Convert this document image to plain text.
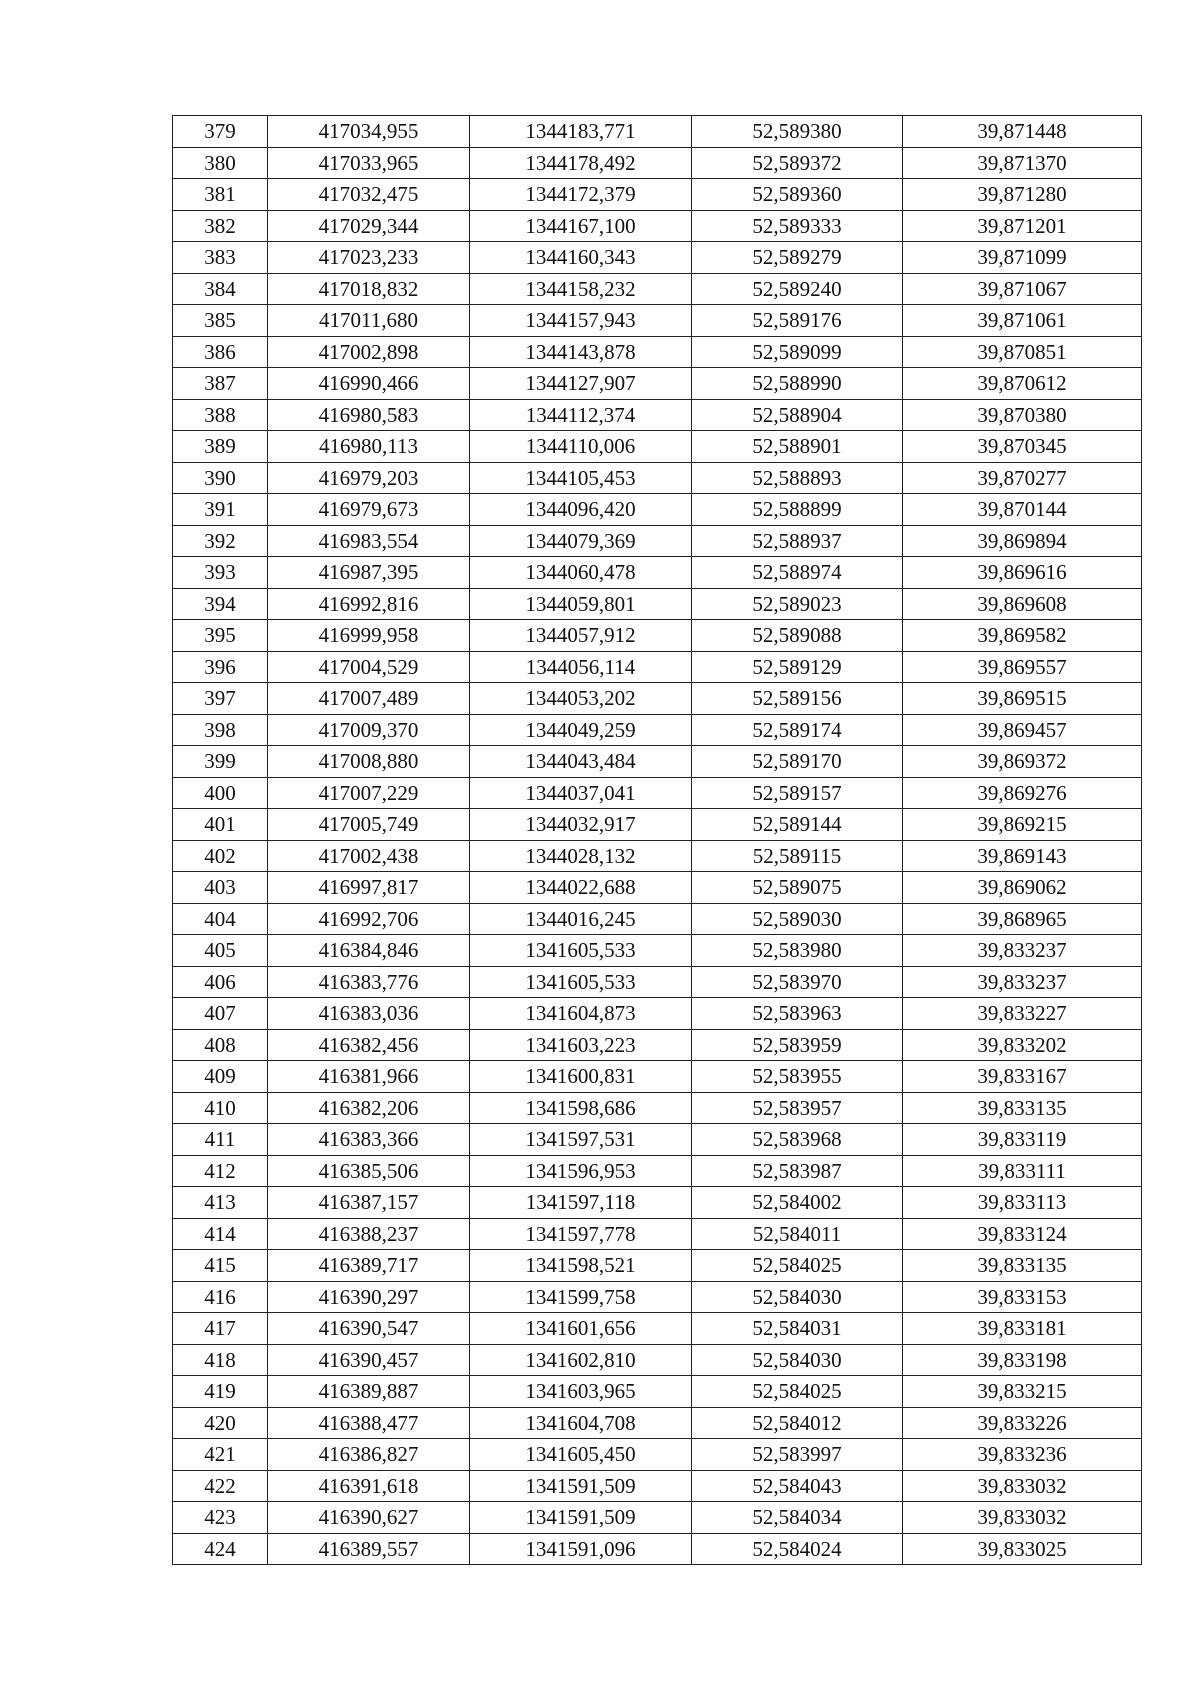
379	417034,955	1344183,771	52,589380	39,871448
380	417033,965	1344178,492	52,589372	39,871370
381	417032,475	1344172,379	52,589360	39,871280
382	417029,344	1344167,100	52,589333	39,871201
383	417023,233	1344160,343	52,589279	39,871099
384	417018,832	1344158,232	52,589240	39,871067
385	417011,680	1344157,943	52,589176	39,871061
386	417002,898	1344143,878	52,589099	39,870851
387	416990,466	1344127,907	52,588990	39,870612
388	416980,583	1344112,374	52,588904	39,870380
389	416980,113	1344110,006	52,588901	39,870345
390	416979,203	1344105,453	52,588893	39,870277
391	416979,673	1344096,420	52,588899	39,870144
392	416983,554	1344079,369	52,588937	39,869894
393	416987,395	1344060,478	52,588974	39,869616
394	416992,816	1344059,801	52,589023	39,869608
395	416999,958	1344057,912	52,589088	39,869582
396	417004,529	1344056,114	52,589129	39,869557
397	417007,489	1344053,202	52,589156	39,869515
398	417009,370	1344049,259	52,589174	39,869457
399	417008,880	1344043,484	52,589170	39,869372
400	417007,229	1344037,041	52,589157	39,869276
401	417005,749	1344032,917	52,589144	39,869215
402	417002,438	1344028,132	52,589115	39,869143
403	416997,817	1344022,688	52,589075	39,869062
404	416992,706	1344016,245	52,589030	39,868965
405	416384,846	1341605,533	52,583980	39,833237
406	416383,776	1341605,533	52,583970	39,833237
407	416383,036	1341604,873	52,583963	39,833227
408	416382,456	1341603,223	52,583959	39,833202
409	416381,966	1341600,831	52,583955	39,833167
410	416382,206	1341598,686	52,583957	39,833135
411	416383,366	1341597,531	52,583968	39,833119
412	416385,506	1341596,953	52,583987	39,833111
413	416387,157	1341597,118	52,584002	39,833113
414	416388,237	1341597,778	52,584011	39,833124
415	416389,717	1341598,521	52,584025	39,833135
416	416390,297	1341599,758	52,584030	39,833153
417	416390,547	1341601,656	52,584031	39,833181
418	416390,457	1341602,810	52,584030	39,833198
419	416389,887	1341603,965	52,584025	39,833215
420	416388,477	1341604,708	52,584012	39,833226
421	416386,827	1341605,450	52,583997	39,833236
422	416391,618	1341591,509	52,584043	39,833032
423	416390,627	1341591,509	52,584034	39,833032
424	416389,557	1341591,096	52,584024	39,833025
